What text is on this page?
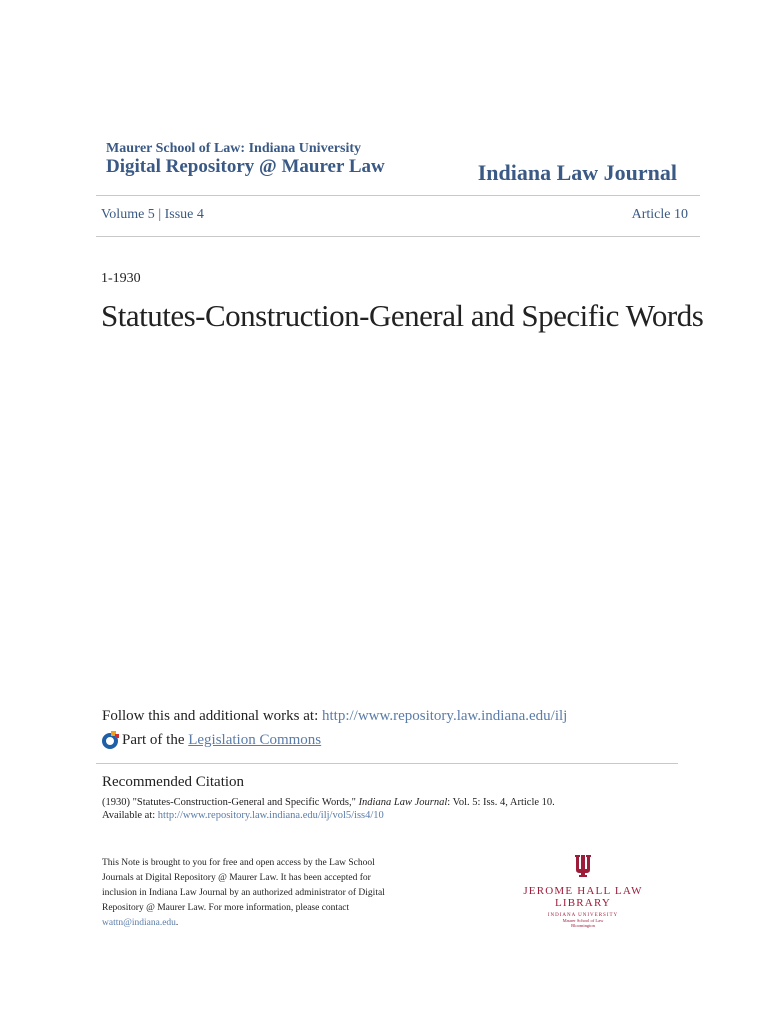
Maurer School of Law: Indiana University
Digital Repository @ Maurer Law	Indiana Law Journal
Volume 5 | Issue 4	Article 10
1-1930
Statutes-Construction-General and Specific Words
Follow this and additional works at: http://www.repository.law.indiana.edu/ilj
Part of the
Legislation Commons
Recommended Citation
(1930) "Statutes-Construction-General and Specific Words," Indiana Law Journal: Vol. 5: Iss. 4, Article 10.
Available at: http://www.repository.law.indiana.edu/ilj/vol5/iss4/10
This Note is brought to you for free and open access by the Law School Journals at Digital Repository @ Maurer Law. It has been accepted for inclusion in Indiana Law Journal by an authorized administrator of Digital Repository @ Maurer Law. For more information, please contact
wattn@indiana.edu.
JEROME HALL LAW LIBRARY
INDIANA UNIVERSITY
Maurer School of Law
Bloomington
